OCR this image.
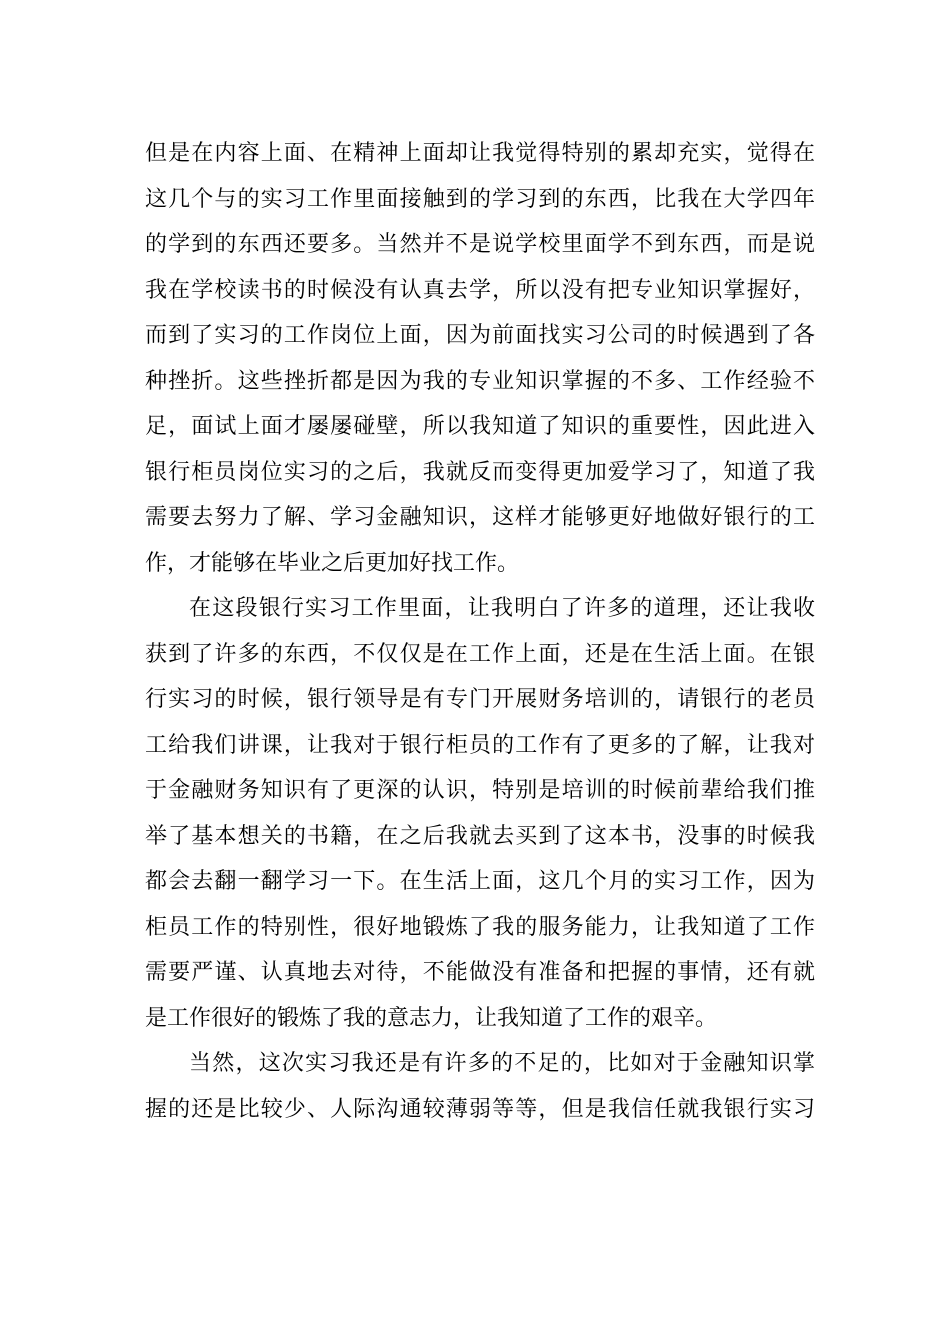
但是在内容上面、在精神上面却让我觉得特别的累却充实，觉得在
这几个与的实习工作里面接触到的学习到的东西，比我在大学四年
的学到的东西还要多。当然并不是说学校里面学不到东西，而是说
我在学校读书的时候没有认真去学，所以没有把专业知识掌握好，
而到了实习的工作岗位上面，因为前面找实习公司的时候遇到了各
种挫折。这些挫折都是因为我的专业知识掌握的不多、工作经验不
足，面试上面才屡屡碰壁，所以我知道了知识的重要性，因此进入
银行柜员岗位实习的之后，我就反而变得更加爱学习了，知道了我
需要去努力了解、学习金融知识，这样才能够更好地做好银行的工
作，才能够在毕业之后更加好找工作。
在这段银行实习工作里面，让我明白了许多的道理，还让我收
获到了许多的东西，不仅仅是在工作上面，还是在生活上面。在银
行实习的时候，银行领导是有专门开展财务培训的，请银行的老员
工给我们讲课，让我对于银行柜员的工作有了更多的了解，让我对
于金融财务知识有了更深的认识，特别是培训的时候前辈给我们推
举了基本想关的书籍，在之后我就去买到了这本书，没事的时候我
都会去翻一翻学习一下。在生活上面，这几个月的实习工作，因为
柜员工作的特别性，很好地锻炼了我的服务能力，让我知道了工作
需要严谨、认真地去对待，不能做没有准备和把握的事情，还有就
是工作很好的锻炼了我的意志力，让我知道了工作的艰辛。
当然，这次实习我还是有许多的不足的，比如对于金融知识掌
握的还是比较少、人际沟通较薄弱等等，但是我信任就我银行实习
